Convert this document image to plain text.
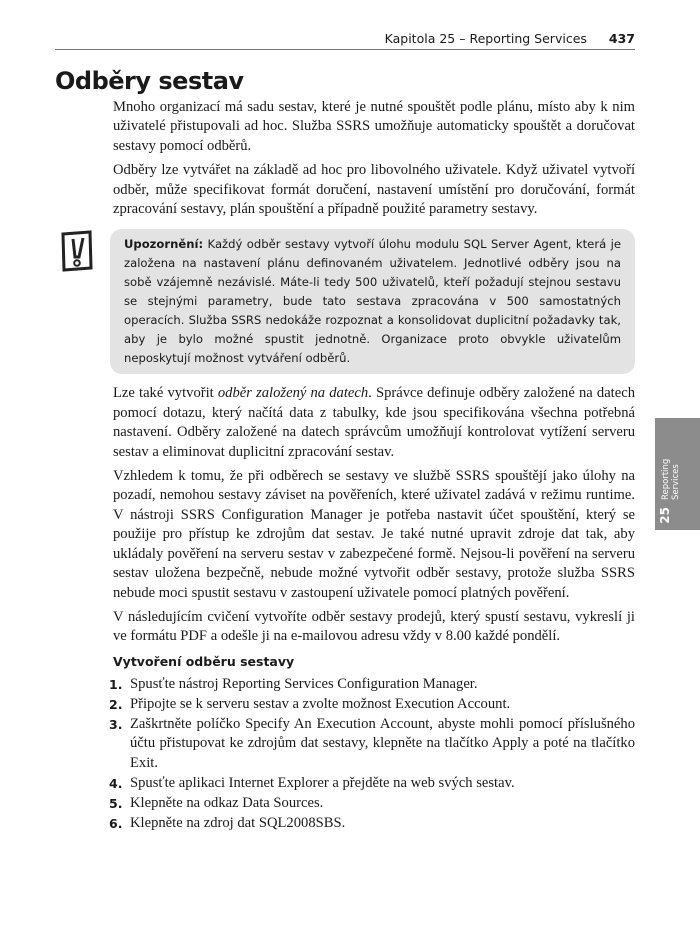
Kapitola 25 – Reporting Services 437
Odběry sestav

Mnoho organizací má sadu sestav, které je nutné spouštět podle plánu, místo aby k nim uživatelé přistupovali ad hoc. Služba SSRS umožňuje automaticky spouštět a doručovat sestavy pomocí odběrů.

Odběry lze vytvářet na základě ad hoc pro libovolného uživatele. Když uživatel vytvoří odběr, může specifikovat formát doručení, nastavení umístění pro doručování, formát zpracování sestavy, plán spouštění a případně použité parametry sestavy.

Upozornění: Každý odběr sestavy vytvoří úlohu modulu SQL Server Agent, která je založena na nastavení plánu definovaném uživatelem. Jednotlivé odběry jsou na sobě vzájemně nezávislé. Máte-li tedy 500 uživatelů, kteří požadují stejnou sestavu se stejnými parametry, bude tato sestava zpracována v 500 samostatných operacích. Služba SSRS nedokáže rozpoznat a konsolidovat duplicitní požadavky tak, aby je bylo možné spustit jednotně. Organizace proto obvykle uživatelům neposkytují možnost vytváření odběrů.

Lze také vytvořit odběr založený na datech. Správce definuje odběry založené na datech pomocí dotazu, který načítá data z tabulky, kde jsou specifikována všechna potřebná nastavení. Odběry založené na datech správcům umožňují kontrolovat vytížení serveru sestav a eliminovat duplicitní zpracování sestav.

Vzhledem k tomu, že při odběrech se sestavy ve službě SSRS spouštějí jako úlohy na pozadí, nemohou sestavy záviset na pověřeních, které uživatel zadává v režimu runtime. V nástroji SSRS Configuration Manager je potřeba nastavit účet spouštění, který se použije pro přístup ke zdrojům dat sestav. Je také nutné upravit zdroje dat tak, aby ukládaly pověření na serveru sestav v zabezpečené formě. Nejsou-li pověření na serveru sestav uložena bezpečně, nebude možné vytvořit odběr sestavy, protože služba SSRS nebude moci spustit sestavu v zastoupení uživatele pomocí platných pověření.

V následujícím cvičení vytvoříte odběr sestavy prodejů, který spustí sestavu, vykreslí ji ve formátu PDF a odešle ji na e-mailovou adresu vždy v 8.00 každé pondělí.

Vytvoření odběru sestavy
1. Spusťte nástroj Reporting Services Configuration Manager.
2. Připojte se k serveru sestav a zvolte možnost Execution Account.
3. Zaškrtněte políčko Specify An Execution Account, abyste mohli pomocí příslušného účtu přistupovat ke zdrojům dat sestavy, klepněte na tlačítko Apply a poté na tlačítko Exit.
4. Spusťte aplikaci Internet Explorer a přejděte na web svých sestav.
5. Klepněte na odkaz Data Sources.
6. Klepněte na zdroj dat SQL2008SBS.
Reporting Services
25
